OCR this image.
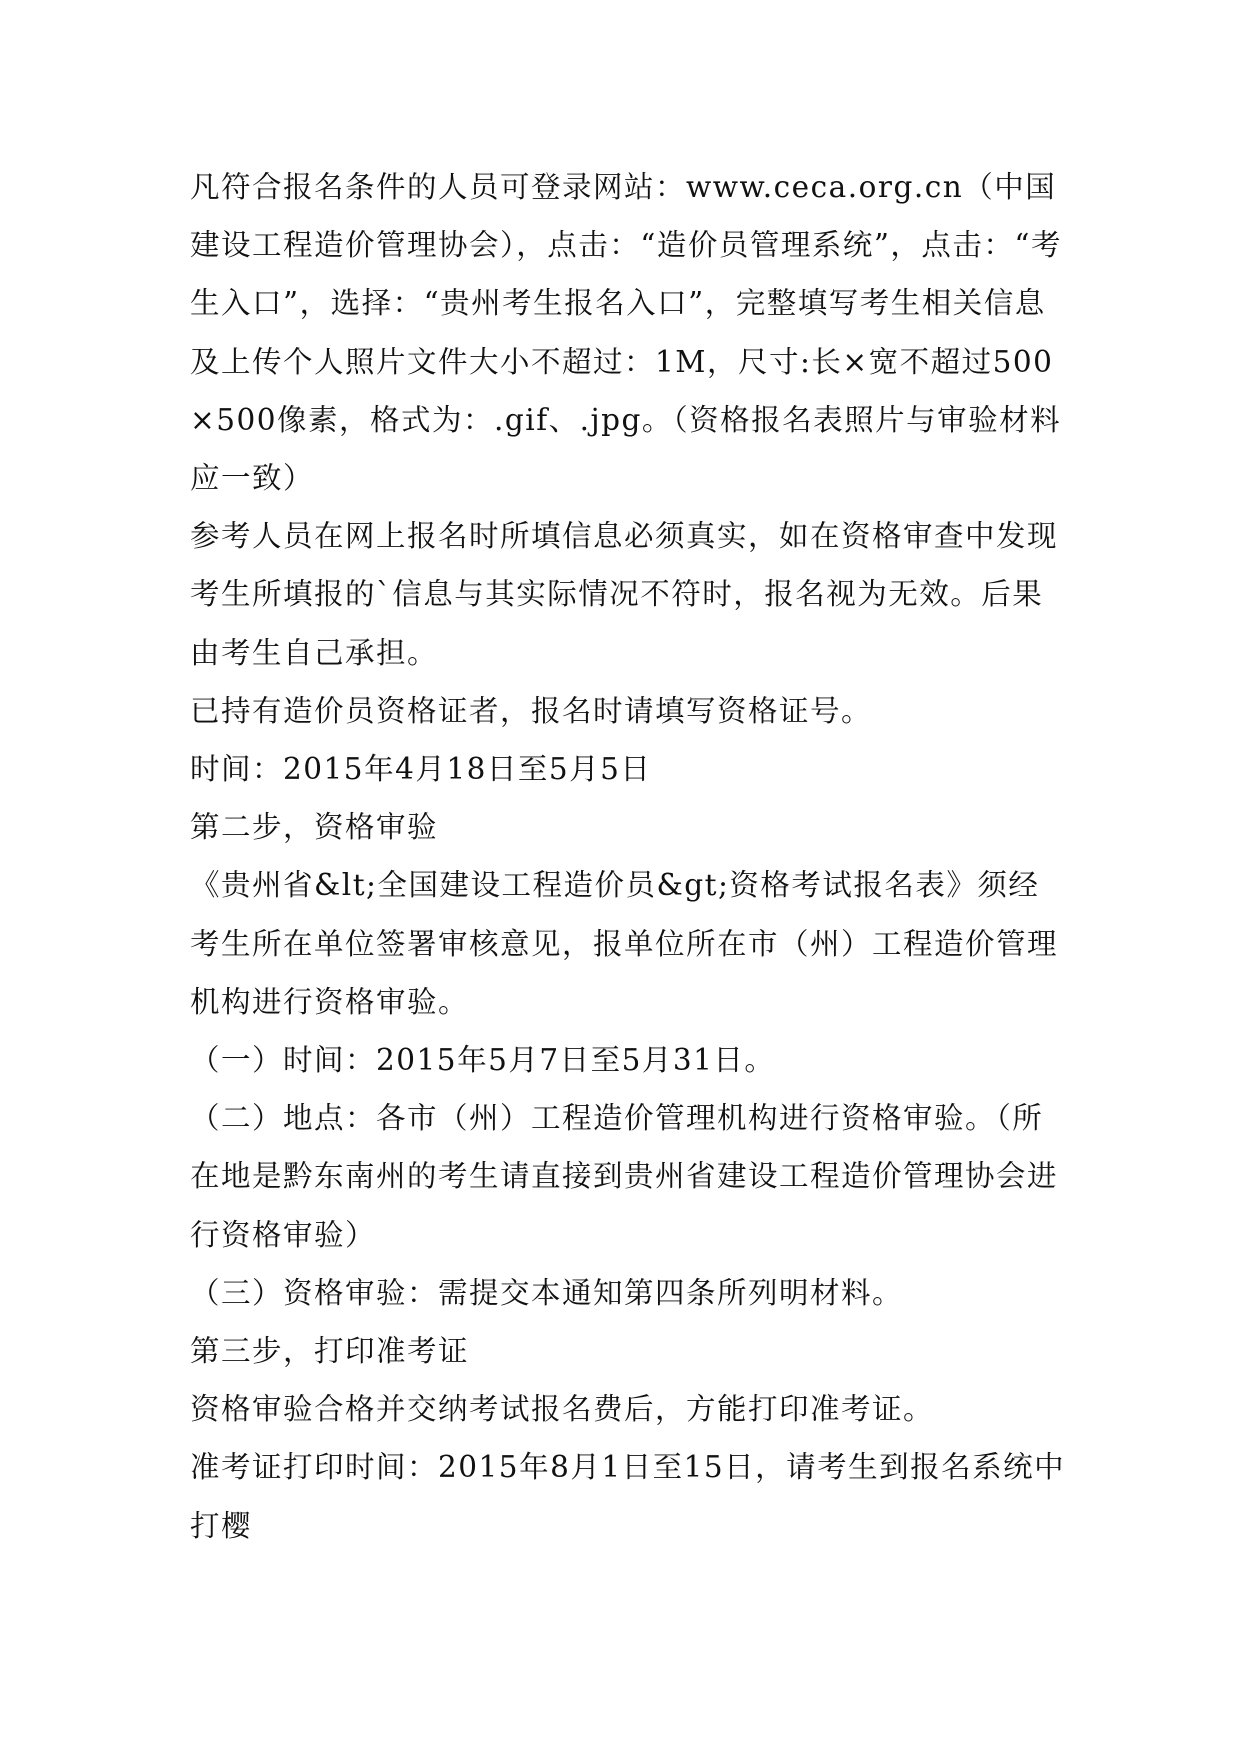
凡符合报名条件的人员可登录网站：www.ceca.org.cn（中国建设工程造价管理协会），点击：“造价员管理系统”，点击：“考生入口”，选择：“贵州考生报名入口”，完整填写考生相关信息及上传个人照片文件大小不超过：1M，尺寸:长×宽不超过500×500像素，格式为：.gif、.jpg。（资格报名表照片与审验材料应一致）

参考人员在网上报名时所填信息必须真实，如在资格审查中发现考生所填报的`信息与其实际情况不符时，报名视为无效。后果由考生自己承担。

已持有造价员资格证者，报名时请填写资格证号。

时间：2015年4月18日至5月5日

第二步，资格审验

《贵州省&lt;全国建设工程造价员&gt;资格考试报名表》须经考生所在单位签署审核意见，报单位所在市（州）工程造价管理机构进行资格审验。

（一）时间：2015年5月7日至5月31日。

（二）地点：各市（州）工程造价管理机构进行资格审验。（所在地是黔东南州的考生请直接到贵州省建设工程造价管理协会进行资格审验）

（三）资格审验：需提交本通知第四条所列明材料。

第三步，打印准考证

资格审验合格并交纳考试报名费后，方能打印准考证。

准考证打印时间：2015年8月1日至15日，请考生到报名系统中打樱
